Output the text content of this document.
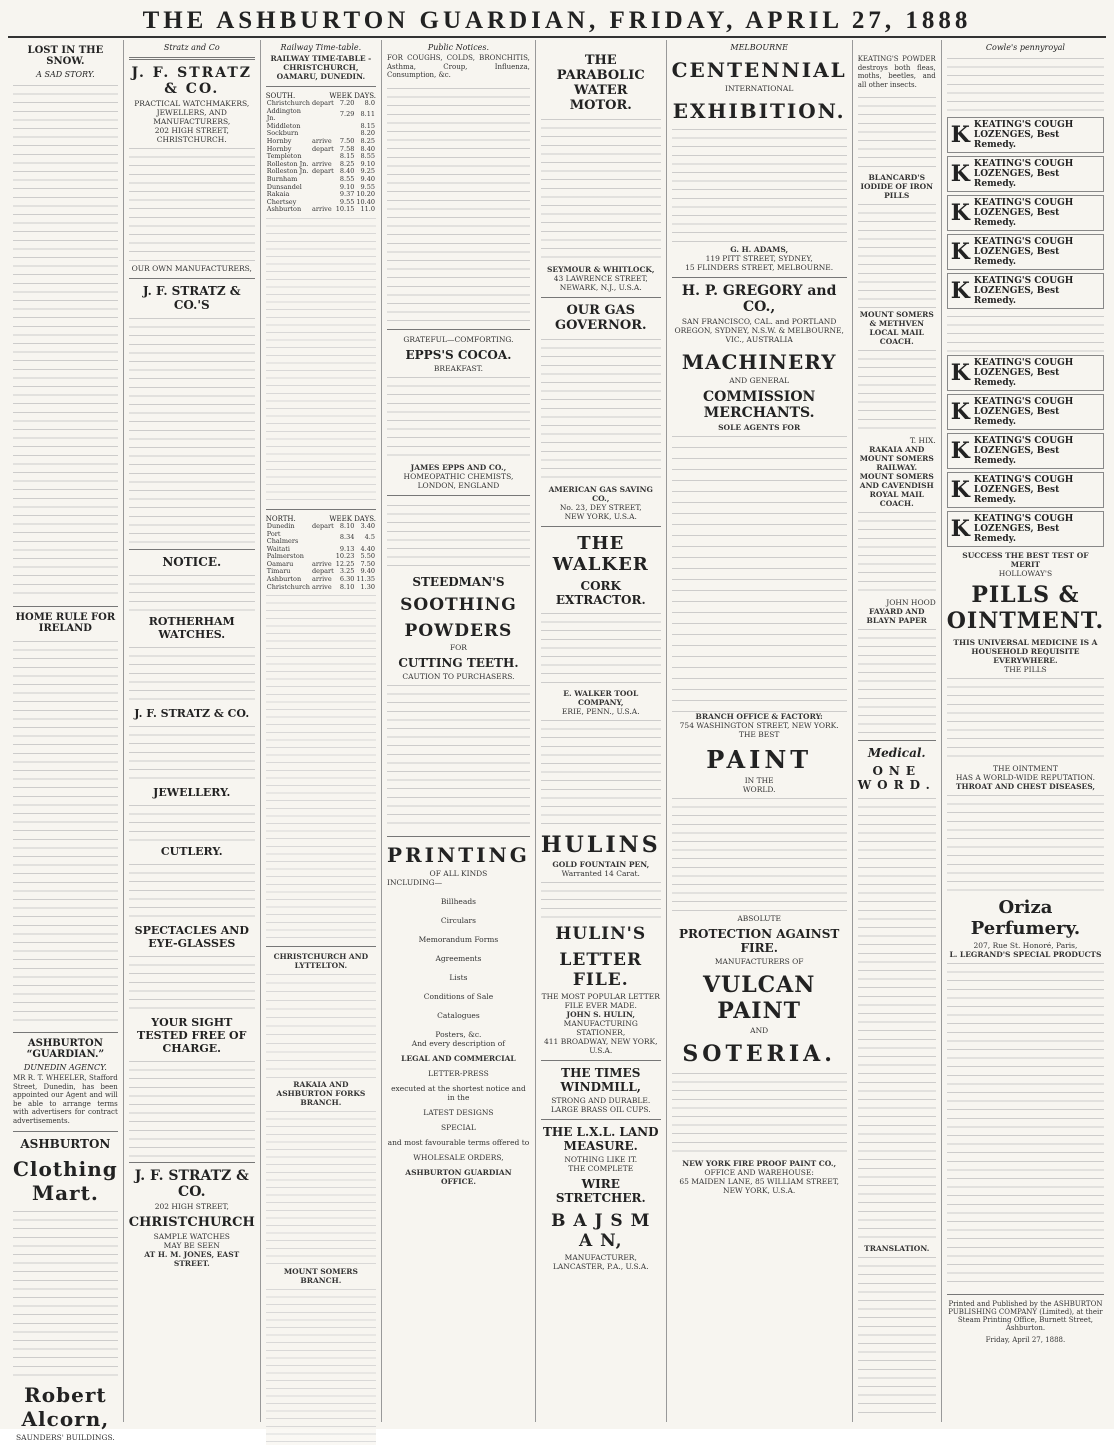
THE ASHBURTON GUARDIAN, FRIDAY, APRIL 27, 1888
LOST IN THE SNOW.
A SAD STORY.
HOME RULE FOR IRELAND
ASHBURTON “GUARDIAN.”
DUNEDIN AGENCY.

MR R. T. WHEELER, Stafford Street, Dunedin, has been appointed our Agent and will be able to arrange terms with advertisers for contract advertisements.

ASHBURTON
Clothing Mart.
Robert Alcorn,
SAUNDERS' BUILDINGS.
Stratz and Co
J. F. STRATZ & CO.
PRACTICAL WATCHMAKERS, JEWELLERS, AND MANUFACTURERS,
202 HIGH STREET, CHRISTCHURCH.
OUR OWN MANUFACTURERS,
J. F. STRATZ & CO.'S
NOTICE.
ROTHERHAM WATCHES.
J. F. STRATZ & CO.
JEWELLERY.
CUTLERY.
SPECTACLES AND EYE-GLASSES
YOUR SIGHT TESTED FREE OF CHARGE.
J. F. STRATZ & CO.
202 HIGH STREET,
CHRISTCHURCH
SAMPLE WATCHES
MAY BE SEEN
AT H. M. JONES, EAST STREET.
Railway Time-table.
RAILWAY TIME-TABLE - CHRISTCHURCH, OAMARU, DUNEDIN.
SOUTH.	WEEK DAYS.
Christchurch	depart	7.20	8.0
Addington Jn.		7.29	8.11
Middleton			8.15
Sockburn			8.20
Hornby	arrive	7.50	8.25
Hornby	depart	7.58	8.40
Templeton		8.15	8.55
Rolleston Jn.	arrive	8.25	9.10
Rolleston Jn.	depart	8.40	9.25
Burnham		8.55	9.40
Dunsandel		9.10	9.55
Rakaia		9.37	10.20
Chertsey		9.55	10.40
Ashburton	arrive	10.15	11.0
NORTH.	WEEK DAYS.
Dunedin	depart	8.10	3.40
Port Chalmers		8.34	4.5
Waitati		9.13	4.40
Palmerston		10.23	5.50
Oamaru	arrive	12.25	7.50
Timaru	depart	3.25	9.40
Ashburton	arrive	6.30	11.35
Christchurch	arrive	8.10	1.30
CHRISTCHURCH AND LYTTELTON.
RAKAIA AND ASHBURTON FORKS BRANCH.
MOUNT SOMERS BRANCH.
Public Notices.

FOR COUGHS, COLDS, BRONCHITIS, Asthma, Croup, Influenza, Consumption, &c.

GRATEFUL—COMFORTING.
EPPS'S COCOA.
BREAKFAST.
JAMES EPPS AND CO.,
HOMEOPATHIC CHEMISTS, LONDON, ENGLAND
STEEDMAN'S
SOOTHING
POWDERS
FOR
CUTTING TEETH.
CAUTION TO PURCHASERS.
PRINTING
OF ALL KINDS
INCLUDING—
Billheads
Circulars
Memorandum Forms
Agreements
Lists
Conditions of Sale
Catalogues
Posters, &c.
And every description of
LEGAL AND COMMERCIAL
LETTER-PRESS
executed at the shortest notice and in the
LATEST DESIGNS
SPECIAL
and most favourable terms offered to
WHOLESALE ORDERS,
ASHBURTON GUARDIAN OFFICE.
THE PARABOLIC WATER MOTOR.
SEYMOUR & WHITLOCK,
43 LAWRENCE STREET,
NEWARK, N.J., U.S.A.
OUR GAS GOVERNOR.
AMERICAN GAS SAVING CO.,
No. 23, DEY STREET,
NEW YORK, U.S.A.
THE WALKER
CORK EXTRACTOR.
E. WALKER TOOL COMPANY,
ERIE, PENN., U.S.A.
HULINS
GOLD FOUNTAIN PEN,
Warranted 14 Carat.
HULIN'S
LETTER FILE.
THE MOST POPULAR LETTER FILE EVER MADE.
JOHN S. HULIN,
MANUFACTURING STATIONER,
411 BROADWAY, NEW YORK, U.S.A.
THE TIMES WINDMILL,
STRONG AND DURABLE.
LARGE BRASS OIL CUPS.
THE L.X.L. LAND MEASURE.
NOTHING LIKE IT.
THE COMPLETE
WIRE STRETCHER.
B A J S M A N,
MANUFACTURER,
LANCASTER, P.A., U.S.A.
MELBOURNE
CENTENNIAL
INTERNATIONAL
EXHIBITION.
G. H. ADAMS,
119 PITT STREET, SYDNEY,
15 FLINDERS STREET, MELBOURNE.
H. P. GREGORY and CO.,
SAN FRANCISCO, CAL. and PORTLAND OREGON, SYDNEY, N.S.W. & MELBOURNE, VIC., AUSTRALIA
MACHINERY
AND GENERAL
COMMISSION MERCHANTS.
SOLE AGENTS FOR
BRANCH OFFICE & FACTORY:
754 WASHINGTON STREET, NEW YORK.
THE BEST
PAINT
IN THE
WORLD.
ABSOLUTE
PROTECTION AGAINST FIRE.
MANUFACTURERS OF
VULCAN PAINT
AND
SOTERIA.
NEW YORK FIRE PROOF PAINT CO.,
OFFICE AND WAREHOUSE:
65 MAIDEN LANE, 85 WILLIAM STREET, NEW YORK, U.S.A.

KEATING'S POWDER destroys both fleas, moths, beetles, and all other insects.

BLANCARD'S IODIDE OF IRON PILLS
MOUNT SOMERS & METHVEN LOCAL MAIL COACH.
T. HIX.
RAKAIA AND MOUNT SOMERS RAILWAY.
MOUNT SOMERS AND CAVENDISH ROYAL MAIL COACH.
JOHN HOOD
FAYARD AND BLAYN PAPER
Medical.
ONE WORD.
TRANSLATION.
Cowle's pennyroyal
K KEATING'S COUGH LOZENGES, Best Remedy.
K KEATING'S COUGH LOZENGES, Best Remedy.
K KEATING'S COUGH LOZENGES, Best Remedy.
K KEATING'S COUGH LOZENGES, Best Remedy.
K KEATING'S COUGH LOZENGES, Best Remedy.
K KEATING'S COUGH LOZENGES, Best Remedy.
K KEATING'S COUGH LOZENGES, Best Remedy.
K KEATING'S COUGH LOZENGES, Best Remedy.
K KEATING'S COUGH LOZENGES, Best Remedy.
K KEATING'S COUGH LOZENGES, Best Remedy.
SUCCESS THE BEST TEST OF MERIT
HOLLOWAY'S
PILLS & OINTMENT.
THIS UNIVERSAL MEDICINE IS A HOUSEHOLD REQUISITE EVERYWHERE.
THE PILLS
THE OINTMENT
HAS A WORLD-WIDE REPUTATION.
THROAT AND CHEST DISEASES,
Oriza Perfumery.
207, Rue St. Honoré, Paris,
L. LEGRAND'S SPECIAL PRODUCTS
Printed and Published by the ASHBURTON PUBLISHING COMPANY (Limited), at their Steam Printing Office, Burnett Street, Ashburton.
Friday, April 27, 1888.
